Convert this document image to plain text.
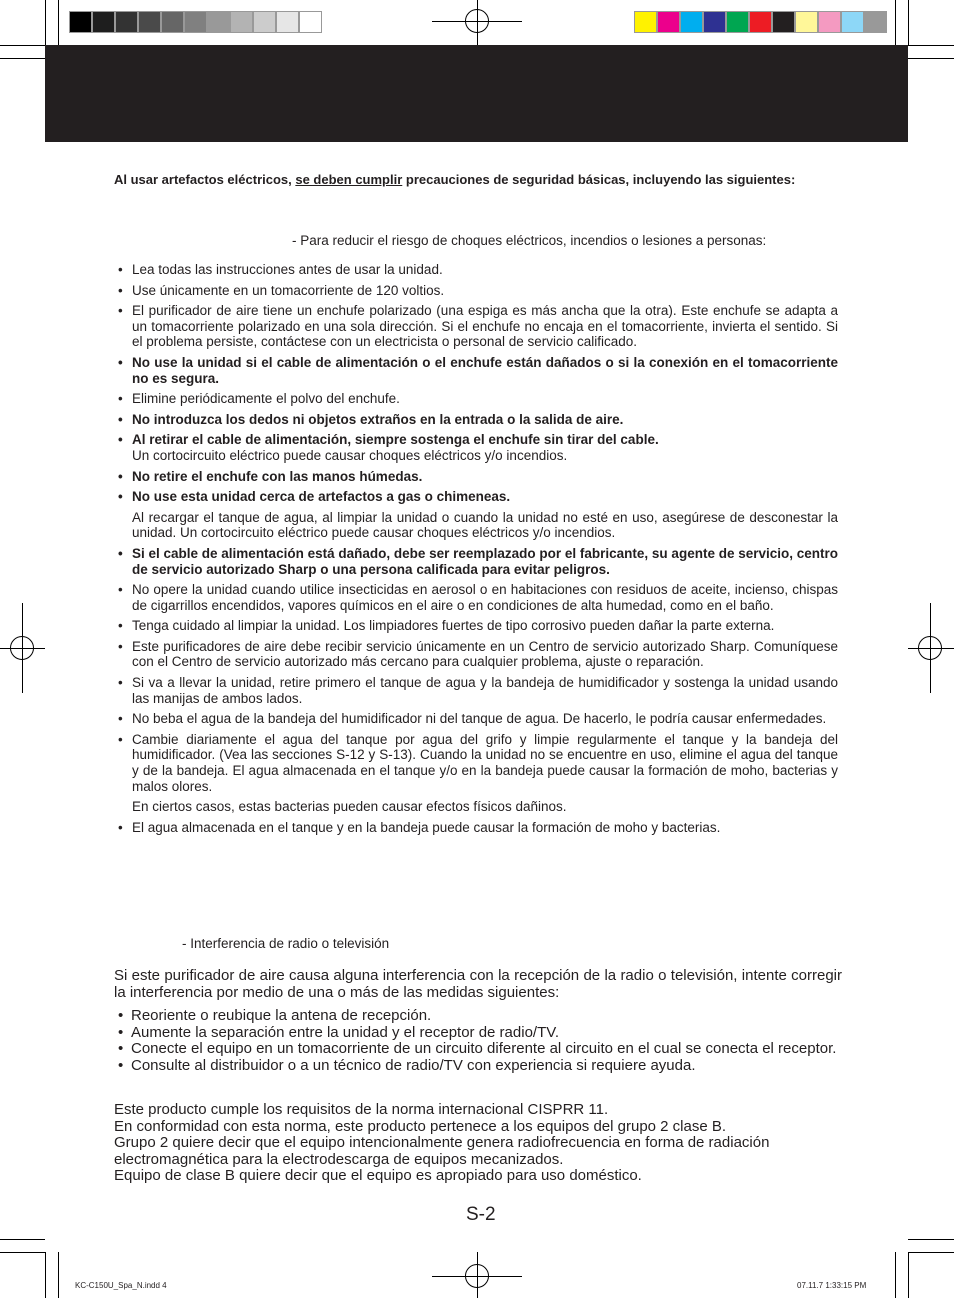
Al usar artefactos eléctricos, se deben cumplir precauciones de seguridad básicas, incluyendo las siguientes:
- Para reducir el riesgo de choques eléctricos, incendios o lesiones a personas:
• Lea todas las instrucciones antes de usar la unidad.
• Use únicamente en un tomacorriente de 120 voltios.
• El purificador de aire tiene un enchufe polarizado (una espiga es más ancha que la otra). Este enchufe se adapta a un tomacorriente polarizado en una sola dirección. Si el enchufe no encaja en el tomacorriente, invierta el sentido. Si el problema persiste, contáctese con un electricista o personal de servicio calificado.
• No use la unidad si el cable de alimentación o el enchufe están dañados o si la conexión en el tomacorriente no es segura.
• Elimine periódicamente el polvo del enchufe.
• No introduzca los dedos ni objetos extraños en la entrada o la salida de aire.
• Al retirar el cable de alimentación, siempre sostenga el enchufe sin tirar del cable.
Un cortocircuito eléctrico puede causar choques eléctricos y/o incendios.
• No retire el enchufe con las manos húmedas.
• No use esta unidad cerca de artefactos a gas o chimeneas.
Al recargar el tanque de agua, al limpiar la unidad o cuando la unidad no esté en uso, asegúrese de desconestar la unidad. Un cortocircuito eléctrico puede causar choques eléctricos y/o incendios.
• Si el cable de alimentación está dañado, debe ser reemplazado por el fabricante, su agente de servicio, centro de servicio autorizado Sharp o una persona calificada para evitar peligros.
• No opere la unidad cuando utilice insecticidas en aerosol o en habitaciones con residuos de aceite, incienso, chispas de cigarrillos encendidos, vapores químicos en el aire o en condiciones de alta humedad, como en el baño.
• Tenga cuidado al limpiar la unidad. Los limpiadores fuertes de tipo corrosivo pueden dañar la parte externa.
• Este purificadores de aire debe recibir servicio únicamente en un Centro de servicio autorizado Sharp. Comuníquese con el Centro de servicio autorizado más cercano para cualquier problema, ajuste o reparación.
• Si va a llevar la unidad, retire primero el tanque de agua y la bandeja de humidificador y sostenga la unidad usando las manijas de ambos lados.
• No beba el agua de la bandeja del humidificador ni del tanque de agua. De hacerlo, le podría causar enfermedades.
• Cambie diariamente el agua del tanque por agua del grifo y limpie regularmente el tanque y la bandeja del humidificador. (Vea las secciones S-12 y S-13). Cuando la unidad no se encuentre en uso, elimine el agua del tanque y de la bandeja. El agua almacenada en el tanque y/o en la bandeja puede causar la formación de moho, bacterias y malos olores.
En ciertos casos, estas bacterias pueden causar efectos físicos dañinos.
• El agua almacenada en el tanque y en la bandeja puede causar la formación de moho y bacterias.
- Interferencia de radio o televisión
Si este purificador de aire causa alguna interferencia con la recepción de la radio o televisión, intente corregir la interferencia por medio de una o más de las medidas siguientes:
• Reoriente o reubique la antena de recepción.
• Aumente la separación entre la unidad y el receptor de radio/TV.
• Conecte el equipo en un tomacorriente de un circuito diferente al circuito en el cual se conecta el receptor.
• Consulte al distribuidor o a un técnico de radio/TV con experiencia si requiere ayuda.
Este producto cumple los requisitos de la norma internacional CISPRR 11.
En conformidad con esta norma, este producto pertenece a los equipos del grupo 2 clase B.
Grupo 2 quiere decir que el equipo intencionalmente genera radiofrecuencia en forma de radiación electromagnética para la electrodescarga de equipos mecanizados.
Equipo de clase B quiere decir que el equipo es apropiado para uso doméstico.
S-2
KC-C150U_Spa_N.indd 4	07.11.7 1:33:15 PM
